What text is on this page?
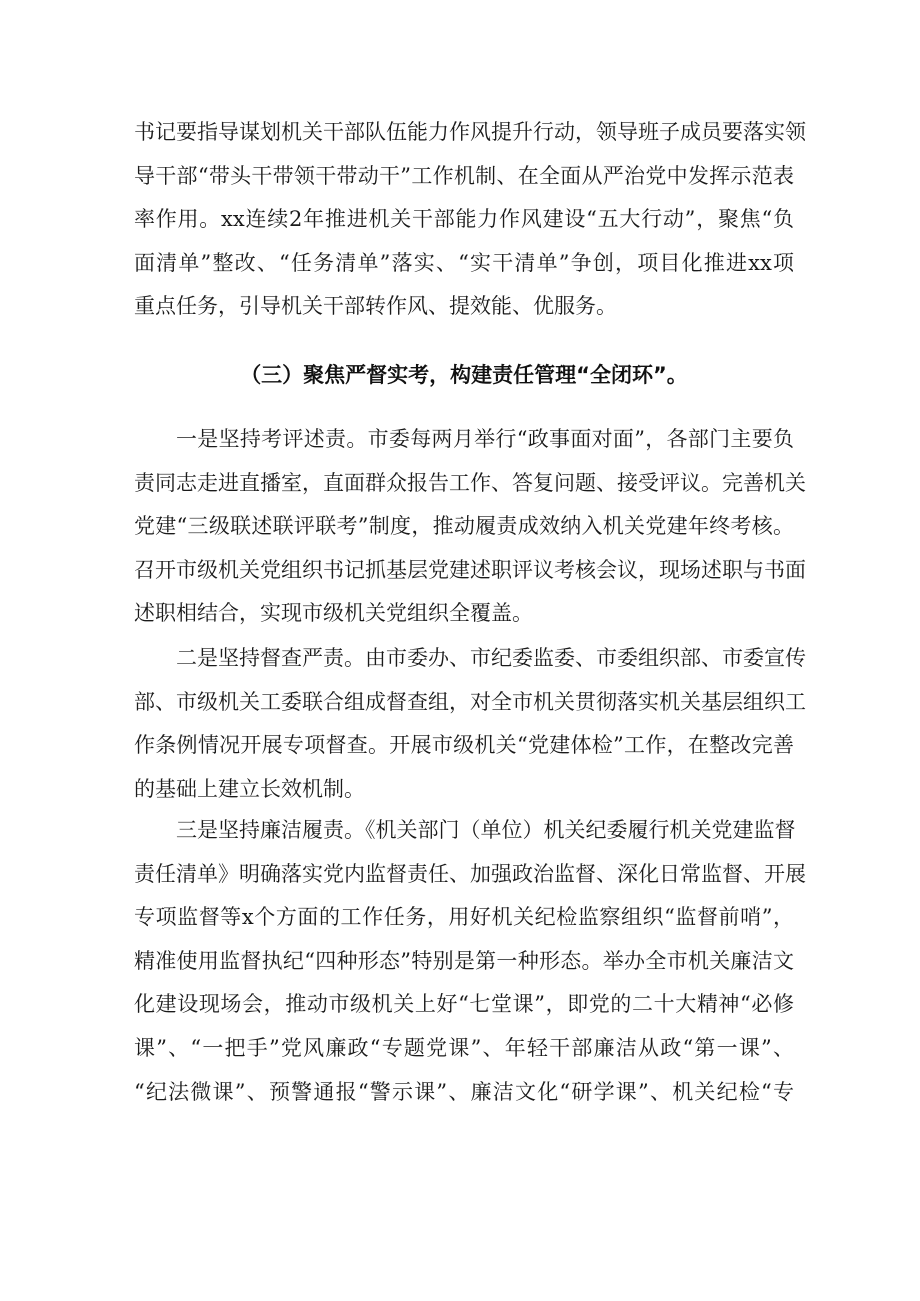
书记要指导谋划机关干部队伍能力作风提升行动，领导班子成员要落实领
导干部“带头干带领干带动干”工作机制、在全面从严治党中发挥示范表
率作用。xx连续2年推进机关干部能力作风建设“五大行动”，聚焦“负
面清单”整改、“任务清单”落实、“实干清单”争创，项目化推进xx项
重点任务，引导机关干部转作风、提效能、优服务。
（三）聚焦严督实考，构建责任管理“全闭环”。
一是坚持考评述责。市委每两月举行“政事面对面”，各部门主要负
责同志走进直播室，直面群众报告工作、答复问题、接受评议。完善机关
党建“三级联述联评联考”制度，推动履责成效纳入机关党建年终考核。
召开市级机关党组织书记抓基层党建述职评议考核会议，现场述职与书面
述职相结合，实现市级机关党组织全覆盖。
二是坚持督查严责。由市委办、市纪委监委、市委组织部、市委宣传
部、市级机关工委联合组成督查组，对全市机关贯彻落实机关基层组织工
作条例情况开展专项督查。开展市级机关“党建体检”工作，在整改完善
的基础上建立长效机制。
三是坚持廉洁履责。《机关部门（单位）机关纪委履行机关党建监督
责任清单》明确落实党内监督责任、加强政治监督、深化日常监督、开展
专项监督等x个方面的工作任务，用好机关纪检监察组织“监督前哨”，
精准使用监督执纪“四种形态”特别是第一种形态。举办全市机关廉洁文
化建设现场会，推动市级机关上好“七堂课”，即党的二十大精神“必修
课”、“一把手”党风廉政“专题党课”、年轻干部廉洁从政“第一课”、
“纪法微课”、预警通报“警示课”、廉洁文化“研学课”、机关纪检“专
